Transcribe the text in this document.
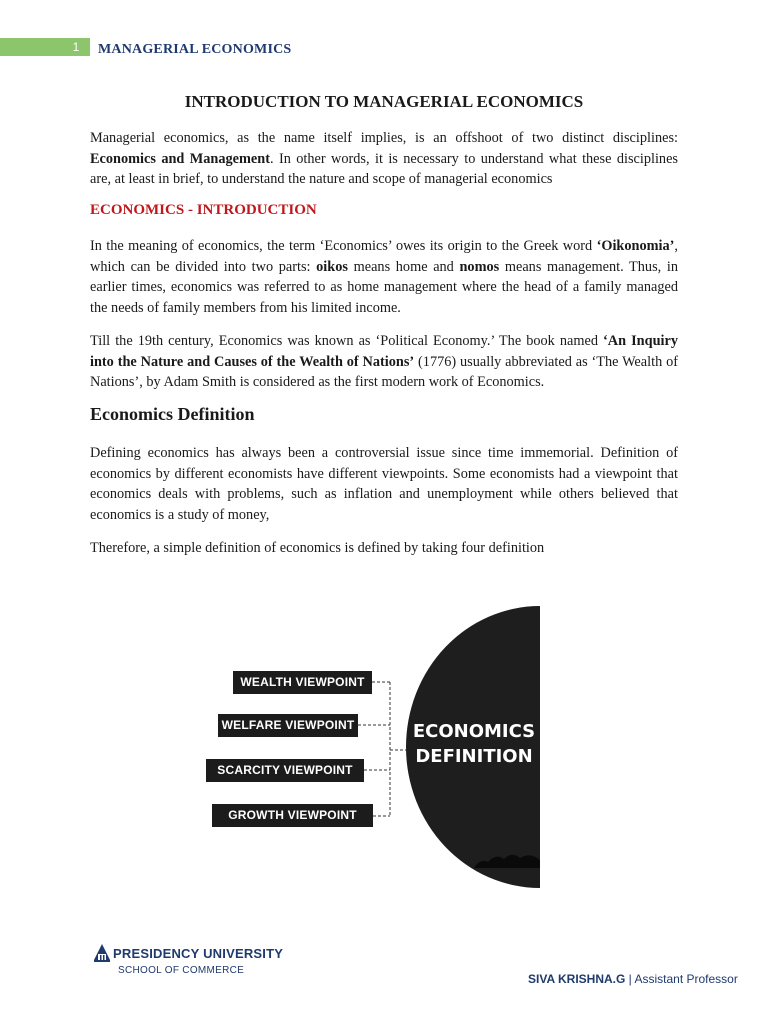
1	MANAGERIAL ECONOMICS
INTRODUCTION TO MANAGERIAL ECONOMICS
Managerial economics, as the name itself implies, is an offshoot of two distinct disciplines: Economics and Management. In other words, it is necessary to understand what these disciplines are, at least in brief, to understand the nature and scope of managerial economics
ECONOMICS - INTRODUCTION
In the meaning of economics, the term ‘Economics’ owes its origin to the Greek word ‘Oikonomia’, which can be divided into two parts: oikos means home and nomos means management. Thus, in earlier times, economics was referred to as home management where the head of a family managed the needs of family members from his limited income.
Till the 19th century, Economics was known as ‘Political Economy.’ The book named ‘An Inquiry into the Nature and Causes of the Wealth of Nations’ (1776) usually abbreviated as ‘The Wealth of Nations’, by Adam Smith is considered as the first modern work of Economics.
Economics Definition
Defining economics has always been a controversial issue since time immemorial. Definition of economics by different economists have different viewpoints. Some economists had a viewpoint that economics deals with problems, such as inflation and unemployment while others believed that economics is a study of money,
Therefore, a simple definition of economics is defined by taking four definition
WEALTH VIEWPOINT
WELFARE VIEWPOINT
SCARCITY VIEWPOINT
GROWTH VIEWPOINT
ECONOMICS
DEFINITION
PRESIDENCY UNIVERSITY
SCHOOL OF COMMERCE
SIVA KRISHNA.G | Assistant Professor
